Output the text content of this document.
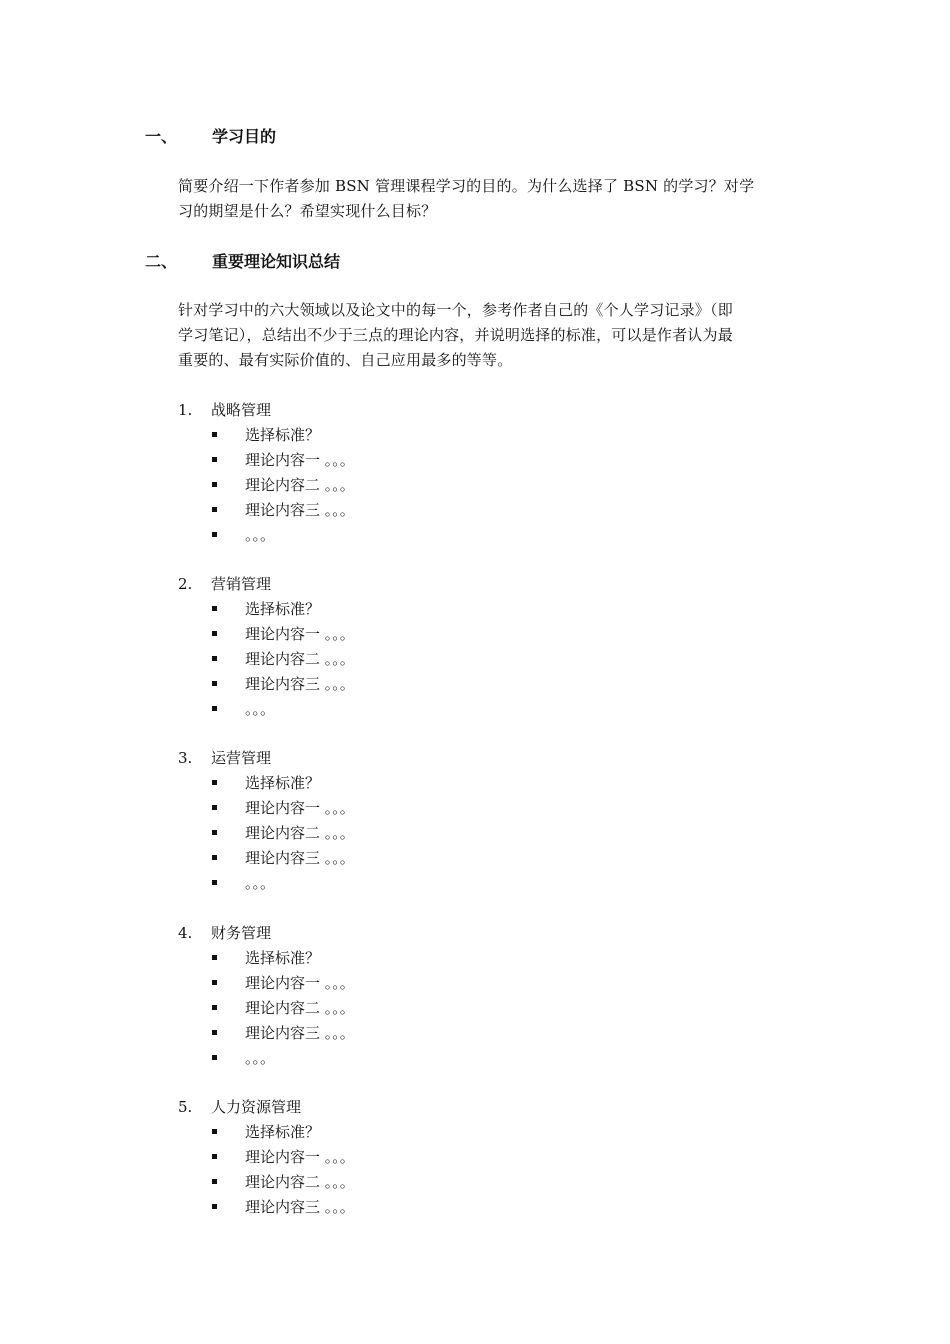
一、	学习目的
简要介绍一下作者参加 BSN 管理课程学习的目的。为什么选择了 BSN 的学习？对学
习的期望是什么？希望实现什么目标？
二、	重要理论知识总结
针对学习中的六大领域以及论文中的每一个，参考作者自己的《个人学习记录》（即
学习笔记），总结出不少于三点的理论内容，并说明选择的标准，可以是作者认为最
重要的、最有实际价值的、自己应用最多的等等。
1.	战略管理
选择标准？
理论内容一 。。。
理论内容二 。。。
理论内容三 。。。
。。。
2.	营销管理
选择标准？
理论内容一 。。。
理论内容二 。。。
理论内容三 。。。
。。。
3.	运营管理
选择标准？
理论内容一 。。。
理论内容二 。。。
理论内容三 。。。
。。。
4.	财务管理
选择标准？
理论内容一 。。。
理论内容二 。。。
理论内容三 。。。
。。。
5.	人力资源管理
选择标准？
理论内容一 。。。
理论内容二 。。。
理论内容三 。。。
